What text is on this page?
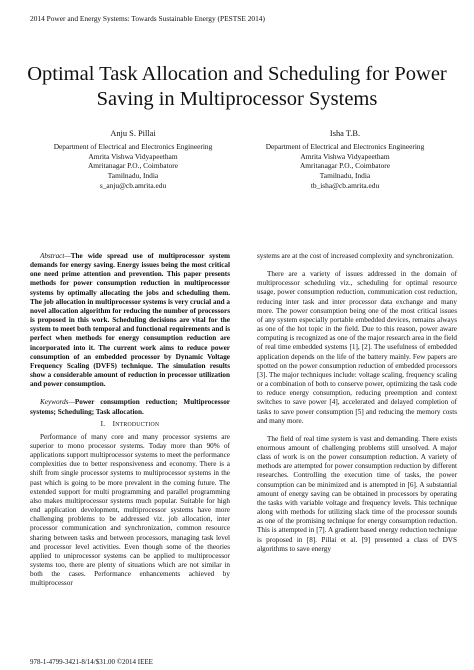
2014 Power and Energy Systems: Towards Sustainable Energy (PESTSE 2014)
Optimal Task Allocation and Scheduling for Power
Saving in Multiprocessor Systems
Anju S. Pillai
Department of Electrical and Electronics Engineering
Amrita Vishwa Vidyapeetham
Amritanagar P.O., Coimbatore
Tamilnadu, India
s_anju@cb.amrita.edu
Isha T.B.
Department of Electrical and Electronics Engineering
Amrita Vishwa Vidyapeetham
Amritanagar P.O., Coimbatore
Tamilnadu, India
tb_isha@cb.amrita.edu

Abstract—The wide spread use of multiprocessor system demands for energy saving. Energy issues being the most critical one need prime attention and prevention. This paper presents methods for power consumption reduction in multiprocessor systems by optimally allocating the jobs and scheduling them. The job allocation in multiprocessor systems is very crucial and a novel allocation algorithm for reducing the number of processors is proposed in this work. Scheduling decisions are vital for the system to meet both temporal and functional requirements and is perfect when methods for energy consumption reduction are incorporated into it. The current work aims to reduce power consumption of an embedded processor by Dynamic Voltage Frequency Scaling (DVFS) technique. The simulation results show a considerable amount of reduction in processor utilization and power consumption.

Keywords—Power consumption reduction; Multiprocessor systems; Scheduling; Task allocation.

I. INTRODUCTION

Performance of many core and many processor systems are superior to mono processor systems. Today more than 90% of applications support multiprocessor systems to meet the performance complexities due to better responsiveness and economy. There is a shift from single processor systems to multiprocessor systems in the past which is going to be more prevalent in the coming future. The extended support for multi programming and parallel programming also makes multiprocessor systems much popular. Suitable for high end application development, multiprocessor systems have more challenging problems to be addressed viz. job allocation, inter processor communication and synchronization, common resource sharing between tasks and between processors, managing task level and processor level activities. Even though some of the theories applied to uniprocessor systems can be applied to multiprocessor systems too, there are plenty of situations which are not similar in both the cases. Performance enhancements achieved by multiprocessor

systems are at the cost of increased complexity and synchronization.

There are a variety of issues addressed in the domain of multiprocessor scheduling viz., scheduling for optimal resource usage, power consumption reduction, communication cost reduction, reducing inter task and inter processor data exchange and many more. The power consumption being one of the most critical issues of any system especially portable embedded devices, remains always as one of the hot topic in the field. Due to this reason, power aware computing is recognized as one of the major research area in the field of real time embedded systems [1], [2]. The usefulness of embedded application depends on the life of the battery mainly. Few papers are spotted on the power consumption reduction of embedded processors [3]. The major techniques include: voltage scaling, frequency scaling or a combination of both to conserve power, optimizing the task code to reduce energy consumption, reducing preemption and context switches to save power [4], accelerated and delayed completion of tasks to save power consumption [5] and reducing the memory costs and many more.

The field of real time system is vast and demanding. There exists enormous amount of challenging problems still unsolved. A major class of work is on the power consumption reduction. A variety of methods are attempted for power consumption reduction by different researches. Controlling the execution time of tasks, the power consumption can be minimized and is attempted in [6]. A substantial amount of energy saving can be obtained in processors by operating the tasks with variable voltage and frequency levels. This technique along with methods for utilizing slack time of the processor sounds as one of the promising technique for energy consumption reduction. This is attempted in [7]. A gradient based energy reduction technique is proposed in [8]. Pillai et al. [9] presented a class of DVS algorithms to save energy

978-1-4799-3421-8/14/$31.00 ©2014 IEEE
